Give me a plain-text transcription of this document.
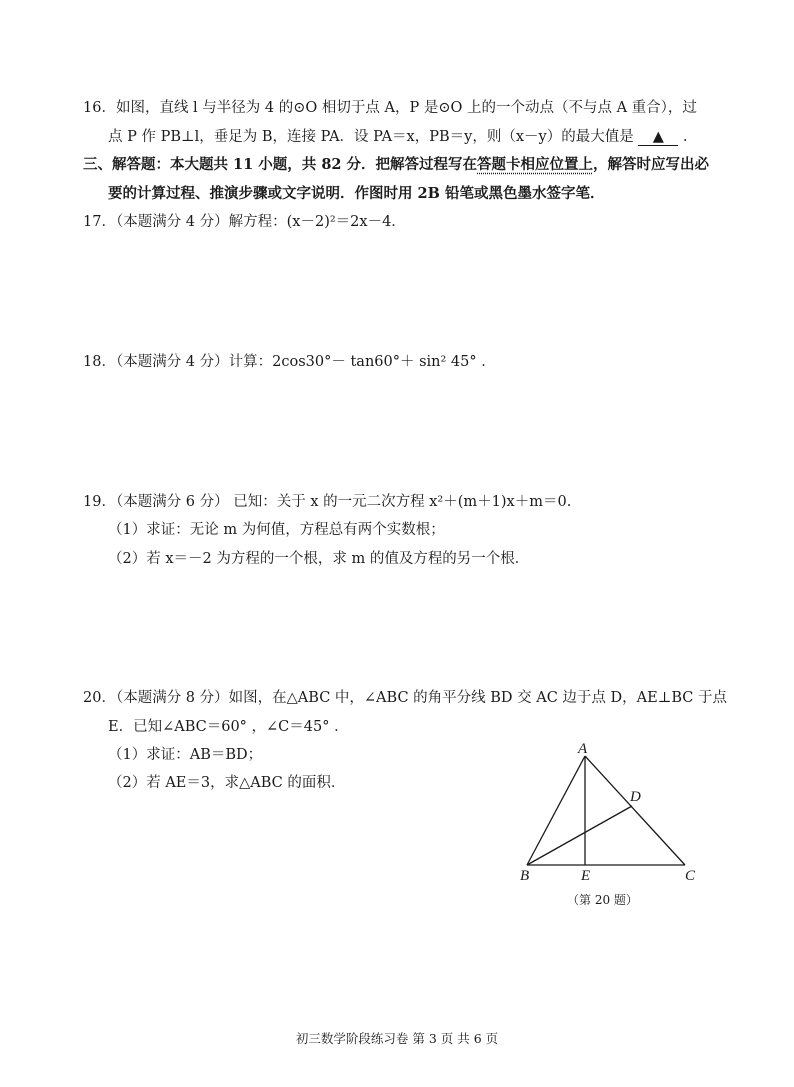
16．如图，直线 l 与半径为 4 的⊙O 相切于点 A，P 是⊙O 上的一个动点（不与点 A 重合），过
点 P 作 PB⊥l，垂足为 B，连接 PA．设 PA＝x，PB＝y，则（x－y）的最大值是 ▲ .
三、解答题：本大题共 11 小题，共 82 分．把解答过程写在答题卡相应位置上，解答时应写出必
要的计算过程、推演步骤或文字说明．作图时用 2B 铅笔或黑色墨水签字笔．
17．（本题满分 4 分）解方程：(x－2)²＝2x－4．
18．（本题满分 4 分）计算：2cos30°－ tan60°＋ sin² 45° ．
19．（本题满分 6 分） 已知：关于 x 的一元二次方程 x²＋(m＋1)x＋m＝0.
（1）求证：无论 m 为何值，方程总有两个实数根；
（2）若 x＝－2 为方程的一个根，求 m 的值及方程的另一个根．
20．（本题满分 8 分）如图，在△ABC 中，∠ABC 的角平分线 BD 交 AC 边于点 D，AE⊥BC 于点
E．已知∠ABC＝60° ，∠C＝45° ．
（1）求证：AB＝BD；
（2）若 AE＝3，求△ABC 的面积．
A
B	C
D
E
（第 20 题）
初三数学阶段练习卷 第 3 页 共 6 页
